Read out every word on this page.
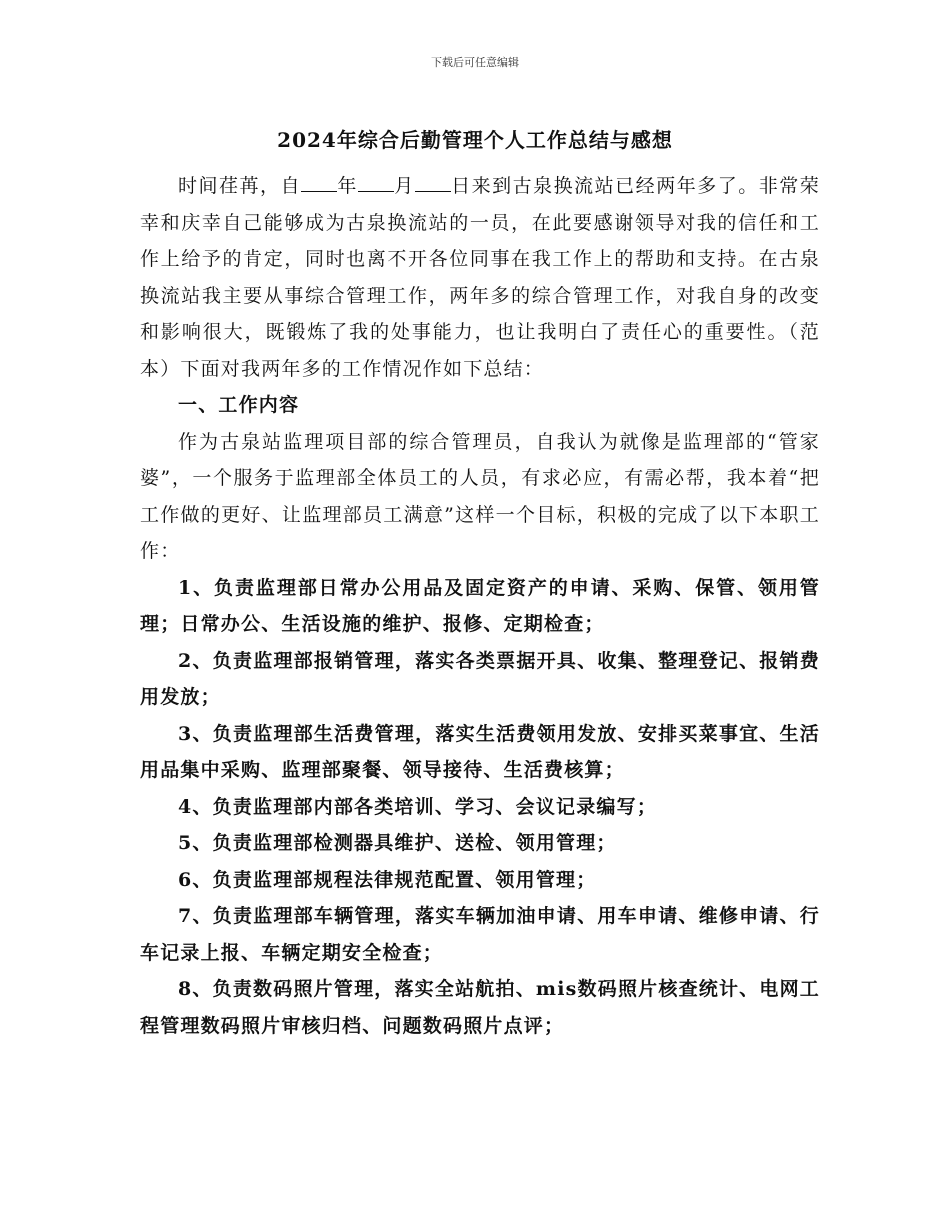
下载后可任意编辑
2024年综合后勤管理个人工作总结与感想

时间荏苒，自 年 月 日来到古泉换流站已经两年多了。非常荣幸和庆幸自己能够成为古泉换流站的一员，在此要感谢领导对我的信任和工作上给予的肯定，同时也离不开各位同事在我工作上的帮助和支持。在古泉换流站我主要从事综合管理工作，两年多的综合管理工作，对我自身的改变和影响很大，既锻炼了我的处事能力，也让我明白了责任心的重要性。（范本）下面对我两年多的工作情况作如下总结：

一、工作内容

作为古泉站监理项目部的综合管理员，自我认为就像是监理部的“管家婆”，一个服务于监理部全体员工的人员，有求必应，有需必帮，我本着“把工作做的更好、让监理部员工满意”这样一个目标，积极的完成了以下本职工作：

1、负责监理部日常办公用品及固定资产的申请、采购、保管、领用管理；日常办公、生活设施的维护、报修、定期检查；

2、负责监理部报销管理，落实各类票据开具、收集、整理登记、报销费用发放；

3、负责监理部生活费管理，落实生活费领用发放、安排买菜事宜、生活用品集中采购、监理部聚餐、领导接待、生活费核算；

4、负责监理部内部各类培训、学习、会议记录编写；

5、负责监理部检测器具维护、送检、领用管理；

6、负责监理部规程法律规范配置、领用管理；

7、负责监理部车辆管理，落实车辆加油申请、用车申请、维修申请、行车记录上报、车辆定期安全检查；

8、负责数码照片管理，落实全站航拍、mis数码照片核查统计、电网工程管理数码照片审核归档、问题数码照片点评；
